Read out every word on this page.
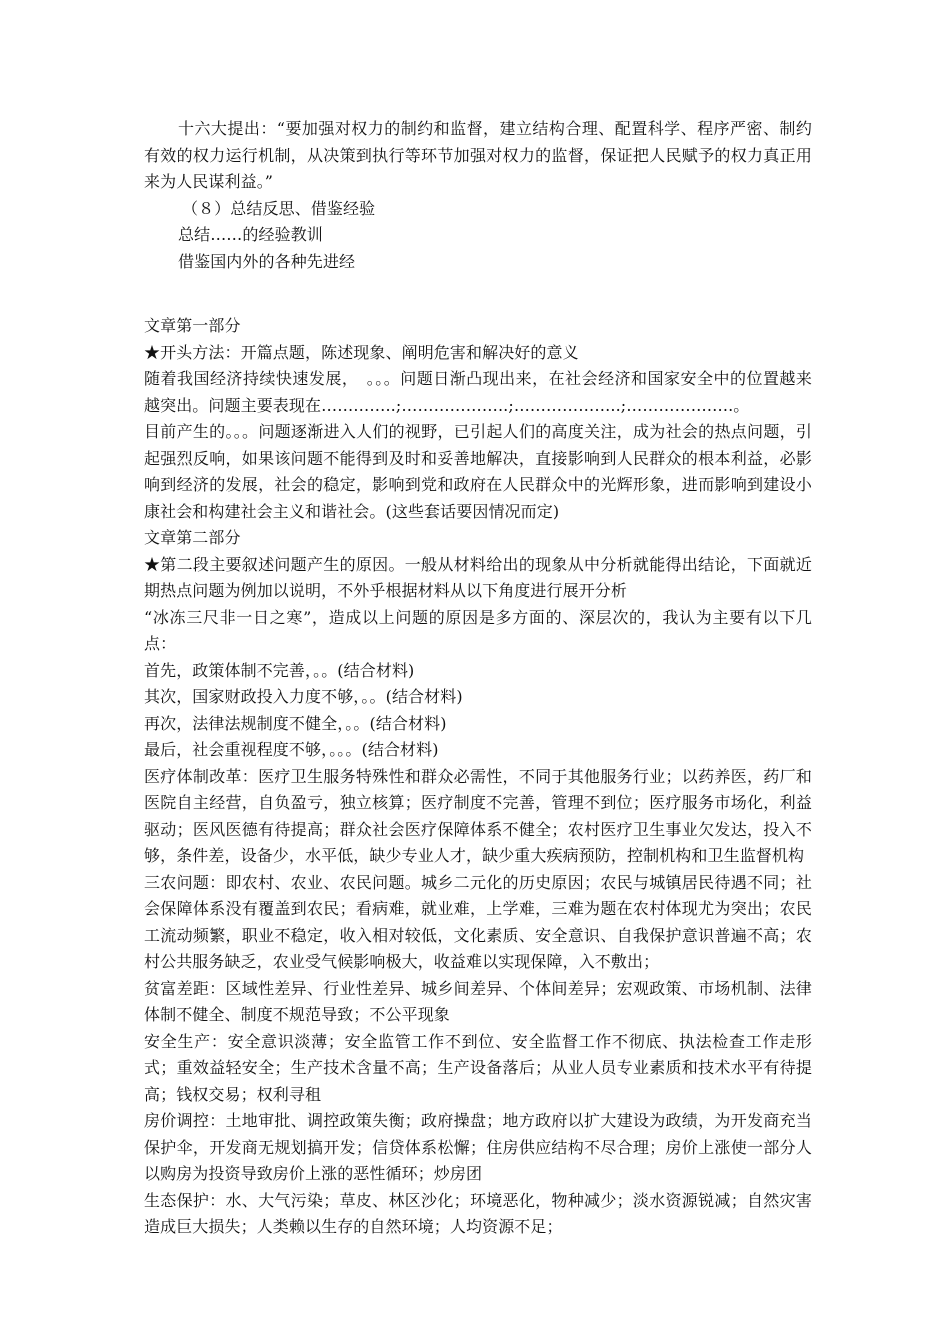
十六大提出：“要加强对权力的制约和监督，建立结构合理、配置科学、程序严密、制约有效的权力运行机制，从决策到执行等环节加强对权力的监督，保证把人民赋予的权力真正用来为人民谋利益。”

（８）总结反思、借鉴经验

总结……的经验教训

借鉴国内外的各种先进经

文章第一部分

★开头方法：开篇点题，陈述现象、阐明危害和解决好的意义

随着我国经济持续快速发展，　。。。问题日渐凸现出来，在社会经济和国家安全中的位置越来越突出。问题主要表现在…………..;………………..;………………..;………………..。

目前产生的。。。问题逐渐进入人们的视野，已引起人们的高度关注，成为社会的热点问题，引起强烈反响，如果该问题不能得到及时和妥善地解决，直接影响到人民群众的根本利益，必影响到经济的发展，社会的稳定，影响到党和政府在人民群众中的光辉形象，进而影响到建设小康社会和构建社会主义和谐社会。(这些套话要因情况而定)

文章第二部分

★第二段主要叙述问题产生的原因。一般从材料给出的现象从中分析就能得出结论，下面就近期热点问题为例加以说明，不外乎根据材料从以下角度进行展开分析

“冰冻三尺非一日之寒”，造成以上问题的原因是多方面的、深层次的，我认为主要有以下几点：

首先，政策体制不完善，。。(结合材料)

其次，国家财政投入力度不够，。。(结合材料)

再次，法律法规制度不健全，。。(结合材料)

最后，社会重视程度不够，。。。(结合材料)

医疗体制改革：医疗卫生服务特殊性和群众必需性，不同于其他服务行业；以药养医，药厂和医院自主经营，自负盈亏，独立核算；医疗制度不完善，管理不到位；医疗服务市场化，利益驱动；医风医德有待提高；群众社会医疗保障体系不健全；农村医疗卫生事业欠发达，投入不够，条件差，设备少，水平低，缺少专业人才，缺少重大疾病预防，控制机构和卫生监督机构

三农问题：即农村、农业、农民问题。城乡二元化的历史原因；农民与城镇居民待遇不同；社会保障体系没有覆盖到农民；看病难，就业难，上学难，三难为题在农村体现尤为突出；农民工流动频繁，职业不稳定，收入相对较低，文化素质、安全意识、自我保护意识普遍不高；农村公共服务缺乏，农业受气候影响极大，收益难以实现保障，入不敷出；

贫富差距：区域性差异、行业性差异、城乡间差异、个体间差异；宏观政策、市场机制、法律体制不健全、制度不规范导致；不公平现象

安全生产：安全意识淡薄；安全监管工作不到位、安全监督工作不彻底、执法检查工作走形式；重效益轻安全；生产技术含量不高；生产设备落后；从业人员专业素质和技术水平有待提高；钱权交易；权利寻租

房价调控：土地审批、调控政策失衡；政府操盘；地方政府以扩大建设为政绩，为开发商充当保护伞，开发商无规划搞开发；信贷体系松懈；住房供应结构不尽合理；房价上涨使一部分人以购房为投资导致房价上涨的恶性循环；炒房团

生态保护：水、大气污染；草皮、林区沙化；环境恶化，物种减少；淡水资源锐减；自然灾害造成巨大损失；人类赖以生存的自然环境；人均资源不足；
